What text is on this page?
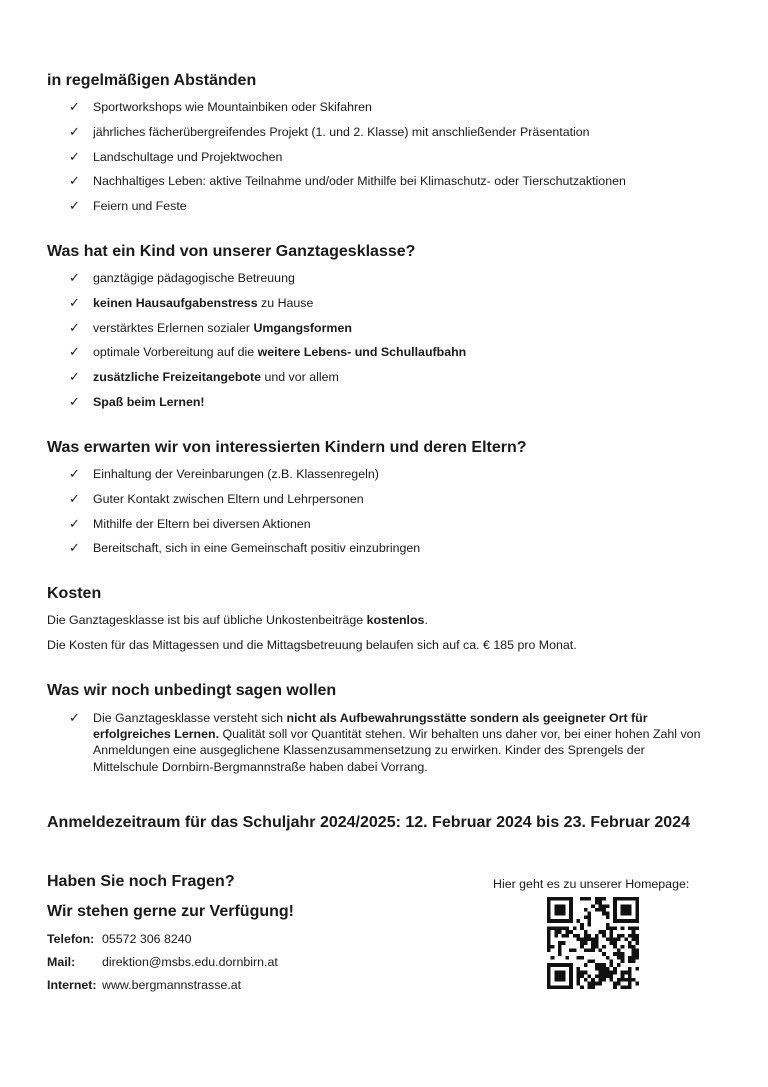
in regelmäßigen Abständen
✓ Sportworkshops wie Mountainbiken oder Skifahren
✓ jährliches fächerübergreifendes Projekt (1. und 2. Klasse) mit anschließender Präsentation
✓ Landschultage und Projektwochen
✓ Nachhaltiges Leben: aktive Teilnahme und/oder Mithilfe bei Klimaschutz- oder Tierschutzaktionen
✓ Feiern und Feste
Was hat ein Kind von unserer Ganztagesklasse?
✓ ganztägige pädagogische Betreuung
✓ keinen Hausaufgabenstress zu Hause
✓ verstärktes Erlernen sozialer Umgangsformen
✓ optimale Vorbereitung auf die weitere Lebens- und Schullaufbahn
✓ zusätzliche Freizeitangebote und vor allem
✓ Spaß beim Lernen!
Was erwarten wir von interessierten Kindern und deren Eltern?
✓ Einhaltung der Vereinbarungen (z.B. Klassenregeln)
✓ Guter Kontakt zwischen Eltern und Lehrpersonen
✓ Mithilfe der Eltern bei diversen Aktionen
✓ Bereitschaft, sich in eine Gemeinschaft positiv einzubringen
Kosten
Die Ganztagesklasse ist bis auf übliche Unkostenbeiträge kostenlos.
Die Kosten für das Mittagessen und die Mittagsbetreuung belaufen sich auf ca. € 185 pro Monat.
Was wir noch unbedingt sagen wollen
✓ Die Ganztagesklasse versteht sich nicht als Aufbewahrungsstätte sondern als geeigneter Ort für erfolgreiches Lernen. Qualität soll vor Quantität stehen. Wir behalten uns daher vor, bei einer hohen Zahl von Anmeldungen eine ausgeglichene Klassenzusammensetzung zu erwirken. Kinder des Sprengels der Mittelschule Dornbirn-Bergmannstraße haben dabei Vorrang.
Anmeldezeitraum für das Schuljahr 2024/2025: 12. Februar 2024 bis 23. Februar 2024
Haben Sie noch Fragen?
Wir stehen gerne zur Verfügung!
Telefon: 05572 306 8240
Mail: direktion@msbs.edu.dornbirn.at
Internet: www.bergmannstrasse.at
Hier geht es zu unserer Homepage:
